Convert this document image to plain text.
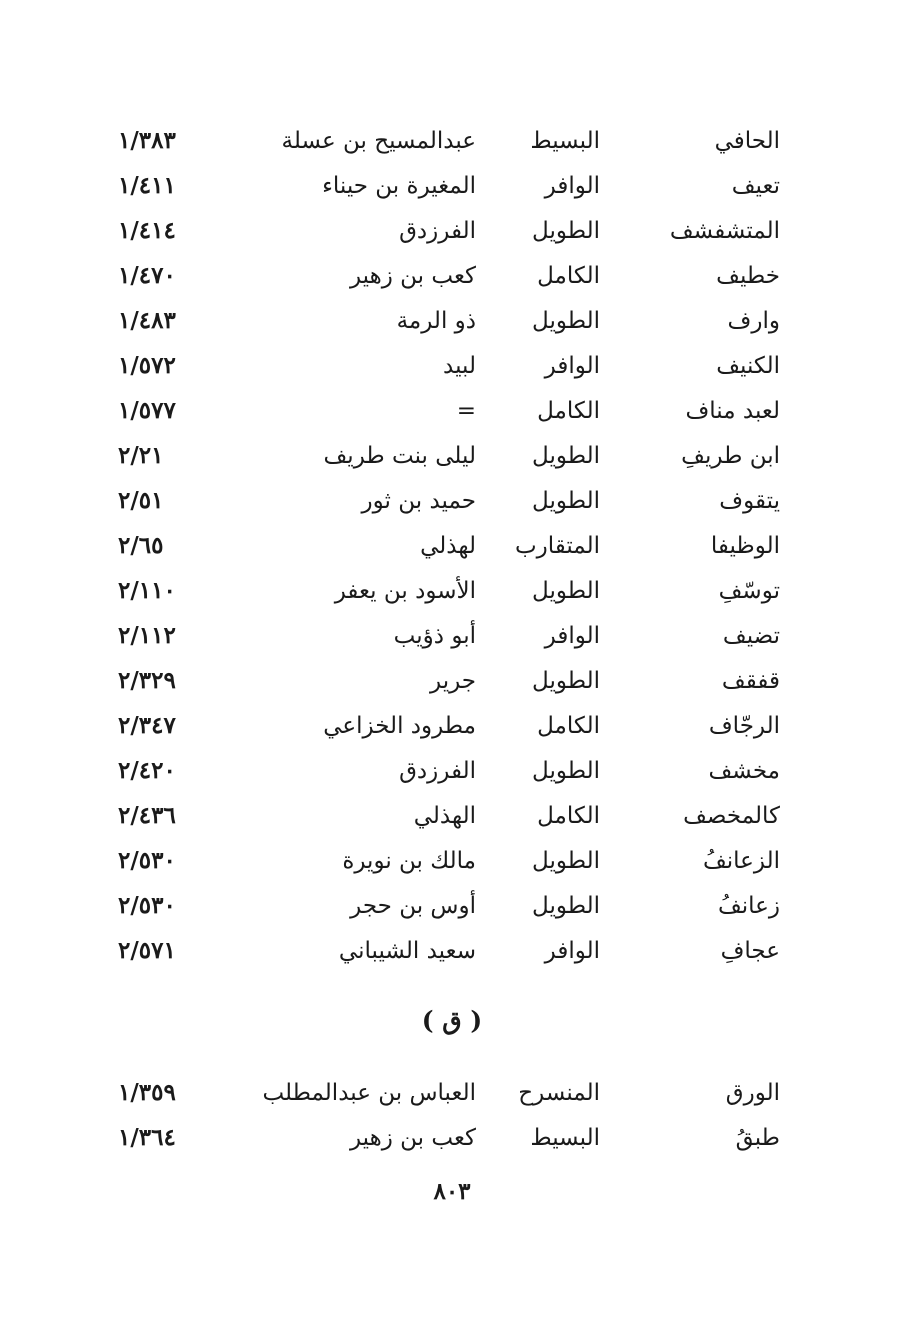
الحافي
البسيط
عبدالمسيح بن عسلة
١/٣٨٣
تعيف
الوافر
المغيرة بن حيناء
١/٤١١
المتشفشف
الطويل
الفرزدق
١/٤١٤
خطيف
الكامل
كعب بن زهير
١/٤٧٠
وارف
الطويل
ذو الرمة
١/٤٨٣
الكنيف
الوافر
لبيد
١/٥٧٢
لعبد مناف
الكامل
=
١/٥٧٧
ابن طريفِ
الطويل
ليلى بنت طريف
٢/٢١
يتقوف
الطويل
حميد بن ثور
٢/٥١
الوظيفا
المتقارب
لهذلي
٢/٦٥
توسّفِ
الطويل
الأسود بن يعفر
٢/١١٠
تضيف
الوافر
أبو ذؤيب
٢/١١٢
قفقف
الطويل
جرير
٢/٣٢٩
الرجّاف
الكامل
مطرود الخزاعي
٢/٣٤٧
مخشف
الطويل
الفرزدق
٢/٤٢٠
كالمخصف
الكامل
الهذلي
٢/٤٣٦
الزعانفُ
الطويل
مالك بن نويرة
٢/٥٣٠
زعانفُ
الطويل
أوس بن حجر
٢/٥٣٠
عجافِ
الوافر
سعيد الشيباني
٢/٥٧١
( ق )
الورق
المنسرح
العباس بن عبدالمطلب
١/٣٥٩
طبقُ
البسيط
كعب بن زهير
١/٣٦٤
٨٠٣
